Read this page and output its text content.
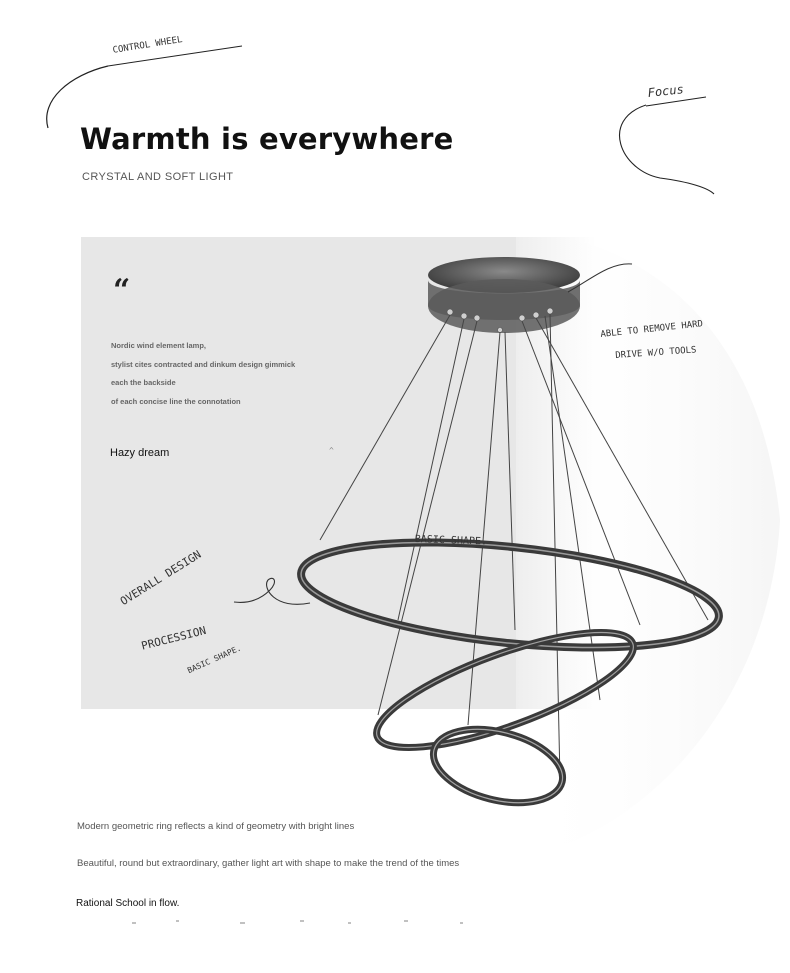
Warmth is everywhere
CRYSTAL AND SOFT LIGHT
“
Nordic wind element lamp,
stylist cites contracted and dinkum design gimmick
each the backside
of each concise line the connotation
Hazy dream
CONTROL WHEEL
Focus
ABLE TO REMOVE HARD
DRIVE W/O TOOLS
BASIC SHAPE.
OVERALL DESIGN
PROCESSION
BASIC SHAPE.
^
Modern geometric ring reflects a kind of geometry with bright lines
Beautiful, round but extraordinary, gather light art with shape to make the trend of the times
Rational School in flow.
